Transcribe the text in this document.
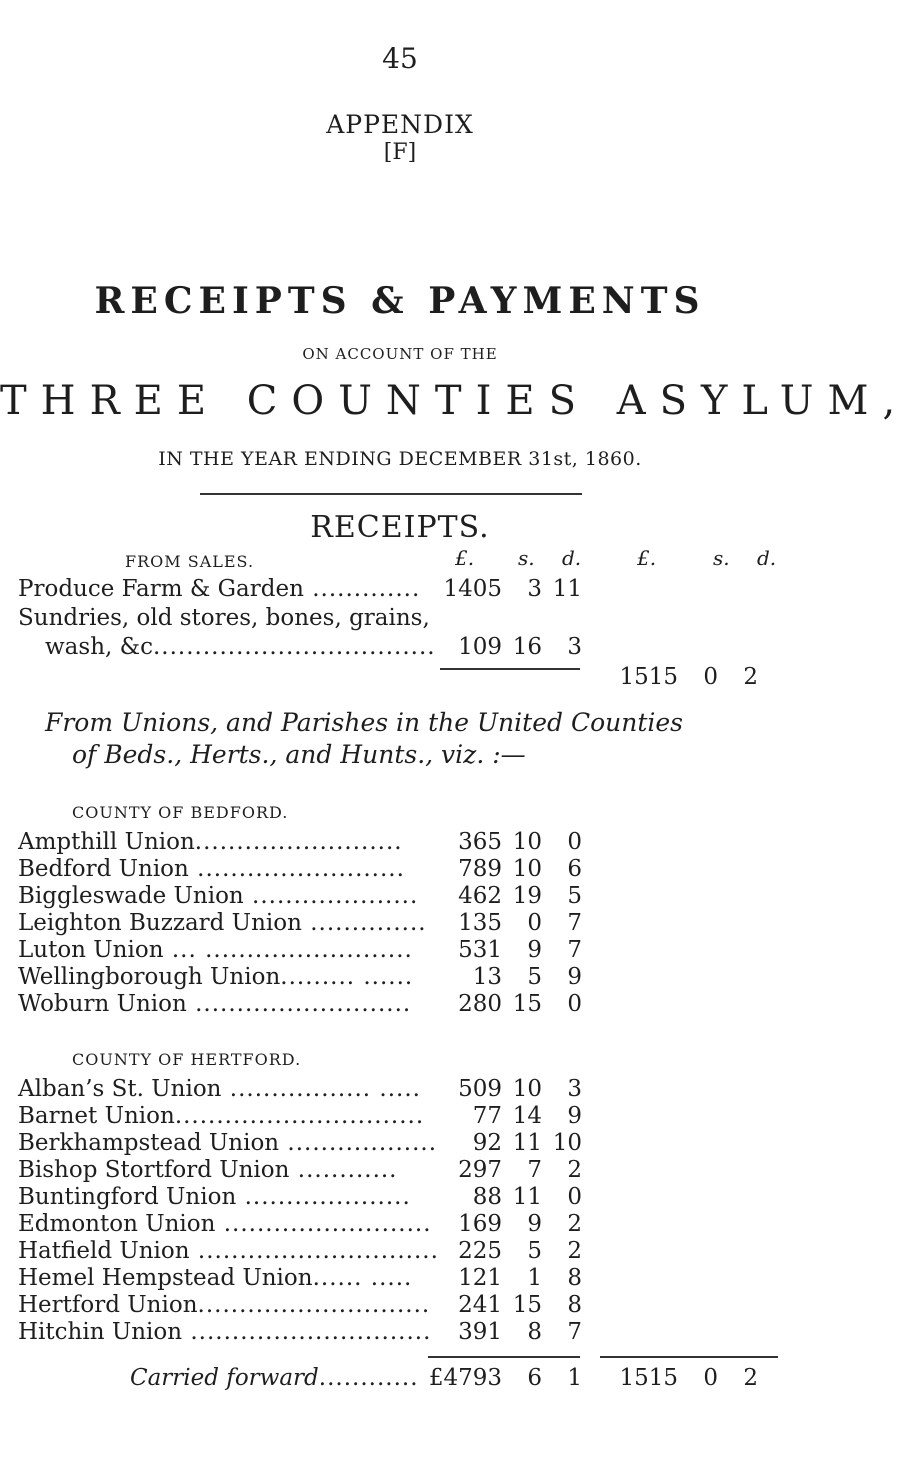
45
APPENDIX
[F]
RECEIPTS & PAYMENTS
ON ACCOUNT OF THE
THREE COUNTIES ASYLUM,
IN THE YEAR ENDING DECEMBER 31st, 1860.
RECEIPTS.
FROM SALES.	£. s. d.	£.	s. d.
Produce Farm & Garden .............	1405	3 11
Sundries, old stores, bones, grains,
wash, &c.................................. 109 16	3
1515	0	2
From Unions, and Parishes in the United Counties
of Beds., Herts., and Hunts., viz. :—
COUNTY OF BEDFORD.
Ampthill Union.........................	365 10	0
Bedford Union .........................	789 10	6
Biggleswade Union ....................	462 19	5
Leighton Buzzard Union ..............	135	0	7
Luton Union ... .........................	531	9	7
Wellingborough Union......... ......	13	5	9
Woburn Union ..........................	280 15	0
COUNTY OF HERTFORD.
Alban’s St. Union ................. .....	509 10	3
Barnet Union..............................	77 14	9
Berkhampstead Union ..................	92 11 10
Bishop Stortford Union ............	297	7	2
Buntingford Union ....................	88 11	0
Edmonton Union .........................	169	9	2
Hatfield Union ............................. 225	5	2
Hemel Hempstead Union...... .....	121	1	8
Hertford Union............................	241 15	8
Hitchin Union .............................	391	8	7
Carried forward............ £4793	6	1	1515	0	2
